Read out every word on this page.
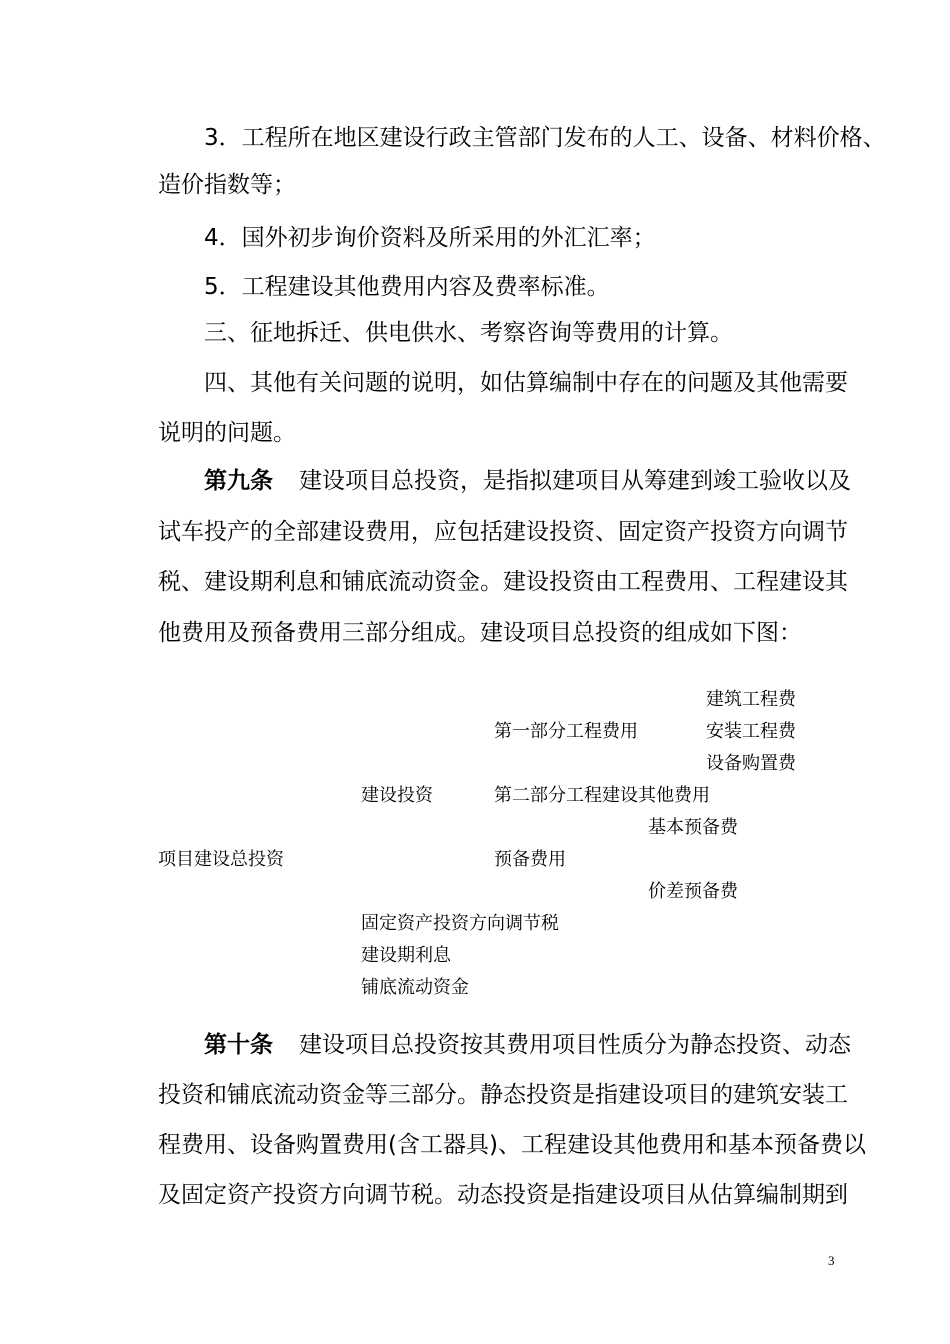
3．工程所在地区建设行政主管部门发布的人工、设备、材料价格、
造价指数等；
4．国外初步询价资料及所采用的外汇汇率；
5．工程建设其他费用内容及费率标准。
三、征地拆迁、供电供水、考察咨询等费用的计算。
四、其他有关问题的说明，如估算编制中存在的问题及其他需要
说明的问题。
第九条 建设项目总投资，是指拟建项目从筹建到竣工验收以及
试车投产的全部建设费用，应包括建设投资、固定资产投资方向调节
税、建设期利息和铺底流动资金。建设投资由工程费用、工程建设其
他费用及预备费用三部分组成。建设项目总投资的组成如下图：
建筑工程费
第一部分工程费用	安装工程费
设备购置费
建设投资	第二部分工程建设其他费用
基本预备费
项目建设总投资	预备费用
价差预备费
固定资产投资方向调节税
建设期利息
铺底流动资金
第十条 建设项目总投资按其费用项目性质分为静态投资、动态
投资和铺底流动资金等三部分。静态投资是指建设项目的建筑安装工
程费用、设备购置费用(含工器具)、工程建设其他费用和基本预备费以
及固定资产投资方向调节税。动态投资是指建设项目从估算编制期到
3
